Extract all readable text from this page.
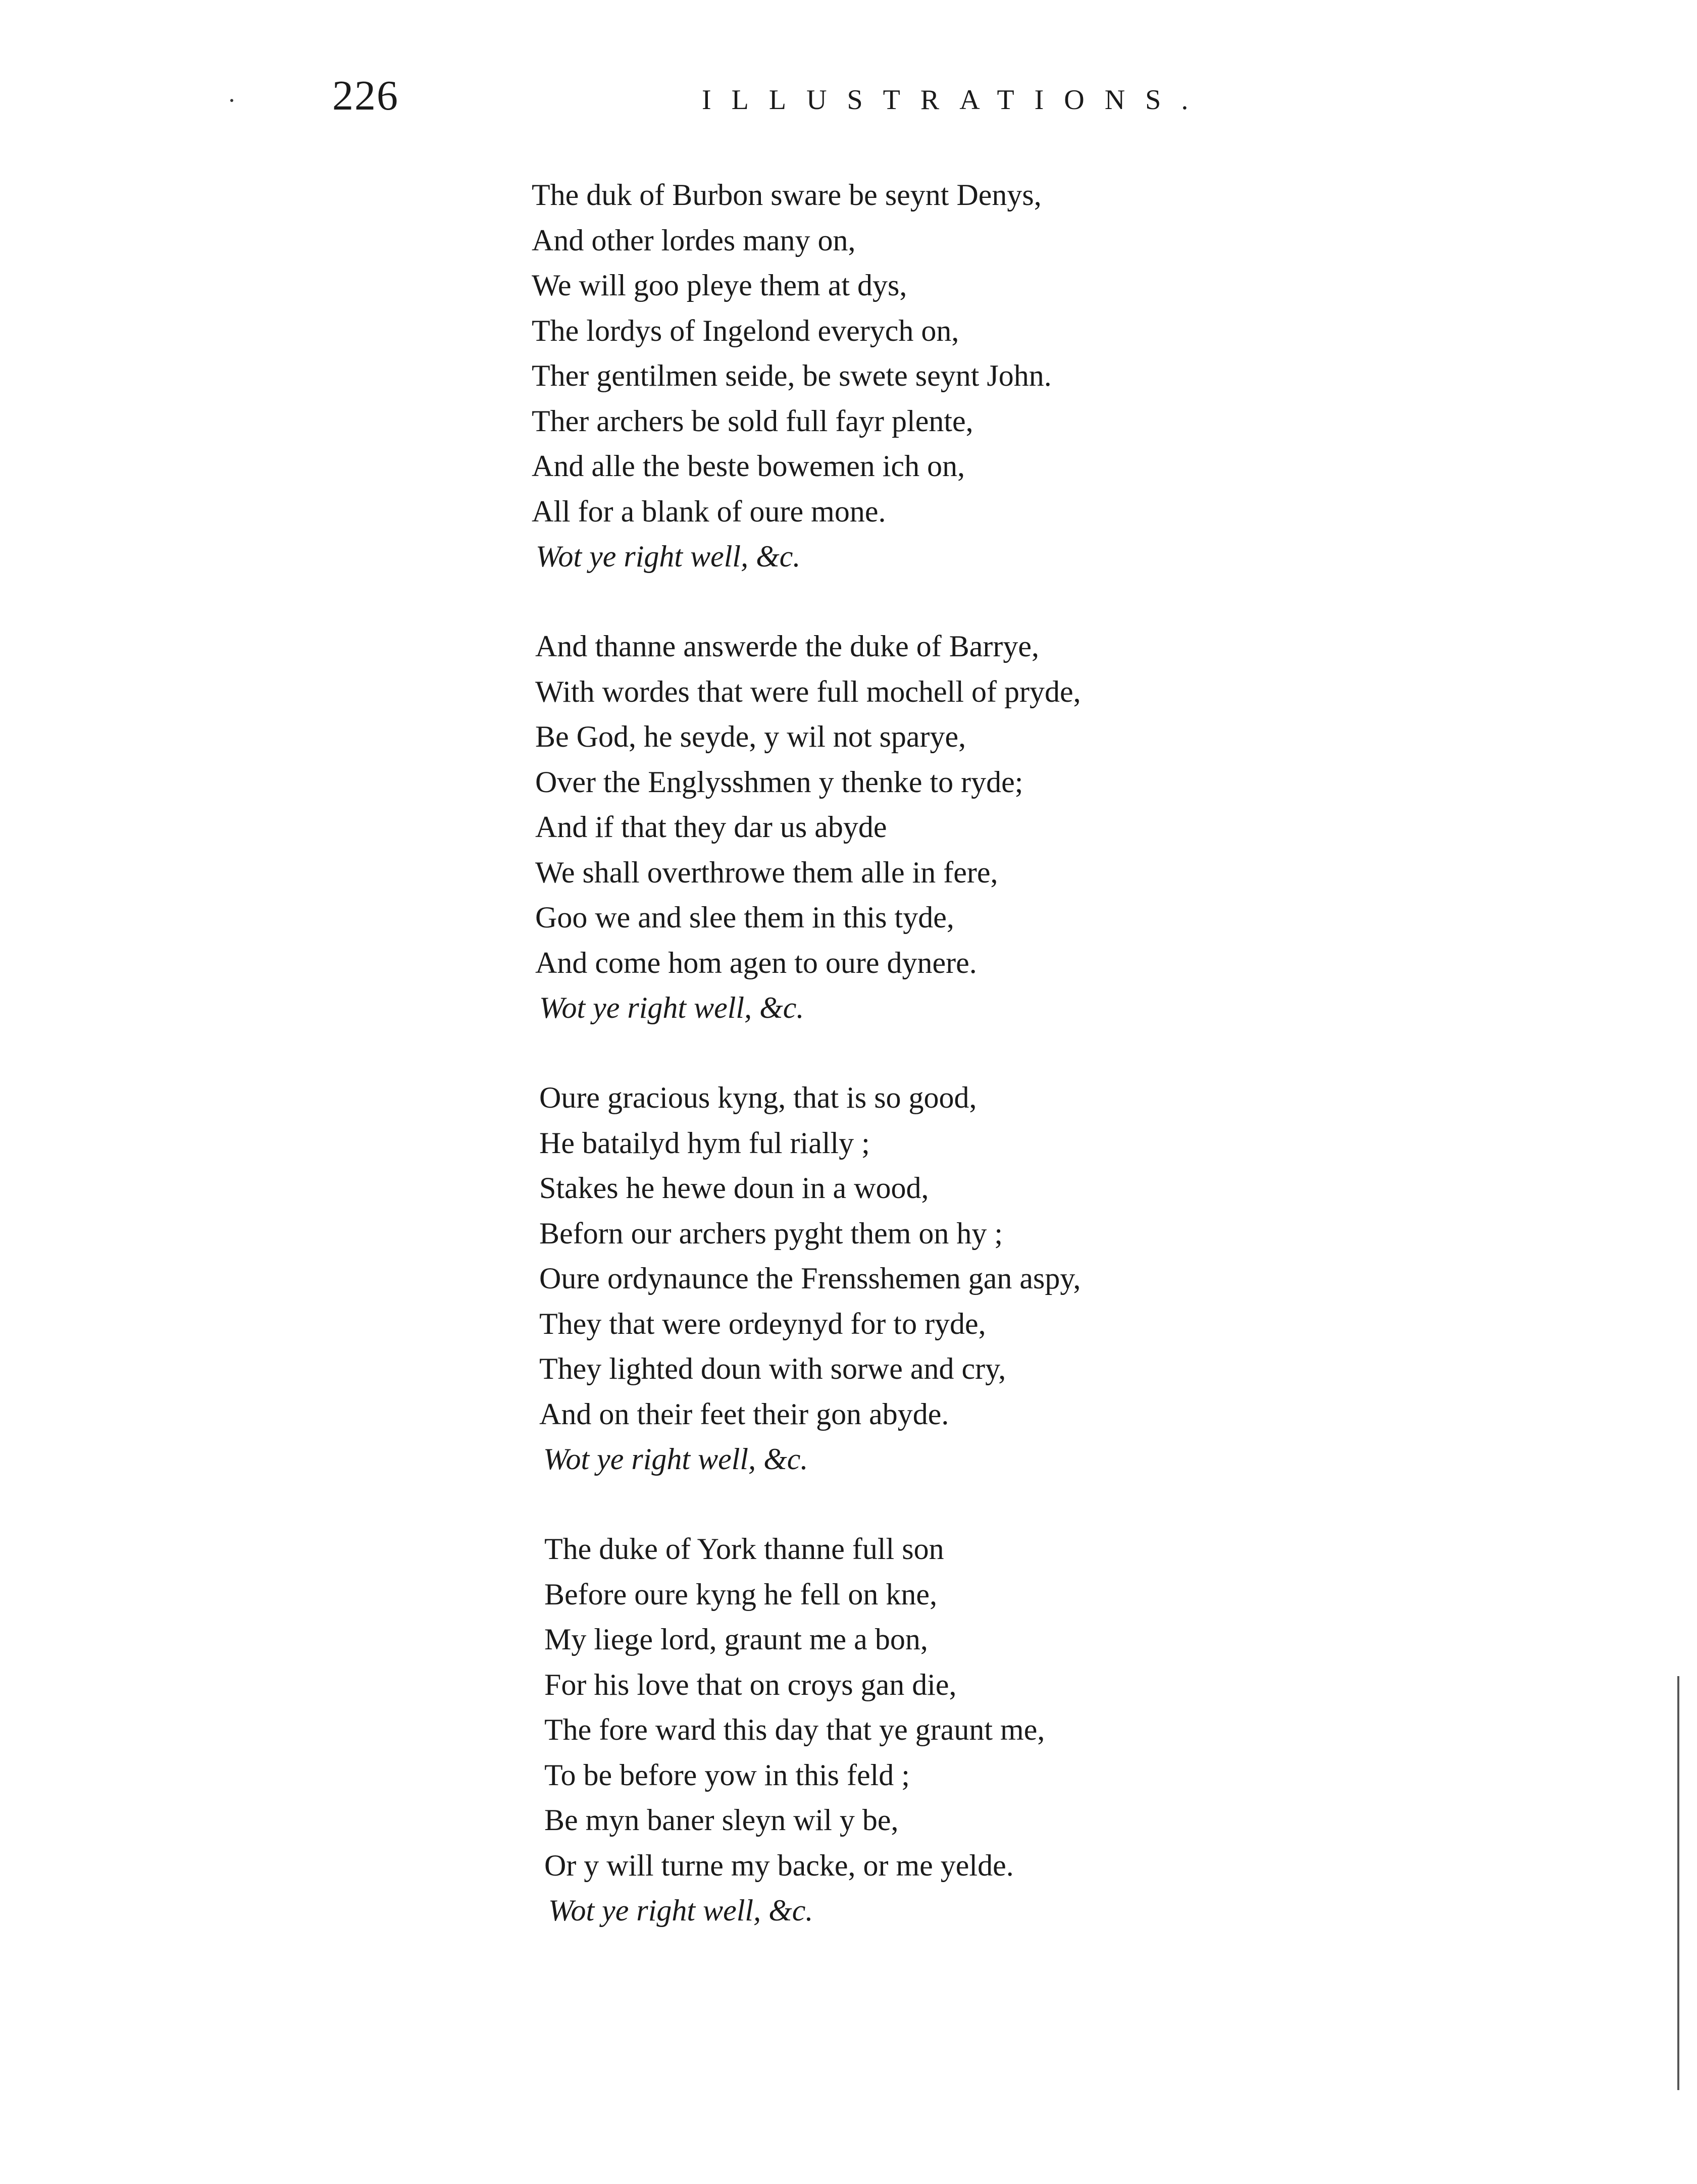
226	ILLUSTRATIONS.

The duk of Burbon sware be seynt Denys,
And other lordes many on,
We will goo pleye them at dys,
The lordys of Ingelond everych on,
Ther gentilmen seide, be swete seynt John.
Ther archers be sold full fayr plente,
And alle the beste bowemen ich on,
All for a blank of oure mone.
Wot ye right well, &c.
And thanne answerde the duke of Barrye,
With wordes that were full mochell of pryde,
Be God, he seyde, y wil not sparye,
Over the Englysshmen y thenke to ryde;
And if that they dar us abyde
We shall overthrowe them alle in fere,
Goo we and slee them in this tyde,
And come hom agen to oure dynere.
Wot ye right well, &c.
Oure gracious kyng, that is so good,
He batailyd hym ful rially ;
Stakes he hewe doun in a wood,
Beforn our archers pyght them on hy ;
Oure ordynaunce the Frensshemen gan aspy,
They that were ordeynyd for to ryde,
They lighted doun with sorwe and cry,
And on their feet their gon abyde.
Wot ye right well, &c.
The duke of York thanne full son
Before oure kyng he fell on kne,
My liege lord, graunt me a bon,
For his love that on croys gan die,
The fore ward this day that ye graunt me,
To be before yow in this feld ;
Be myn baner sleyn wil y be,
Or y will turne my backe, or me yelde.
Wot ye right well, &c.
